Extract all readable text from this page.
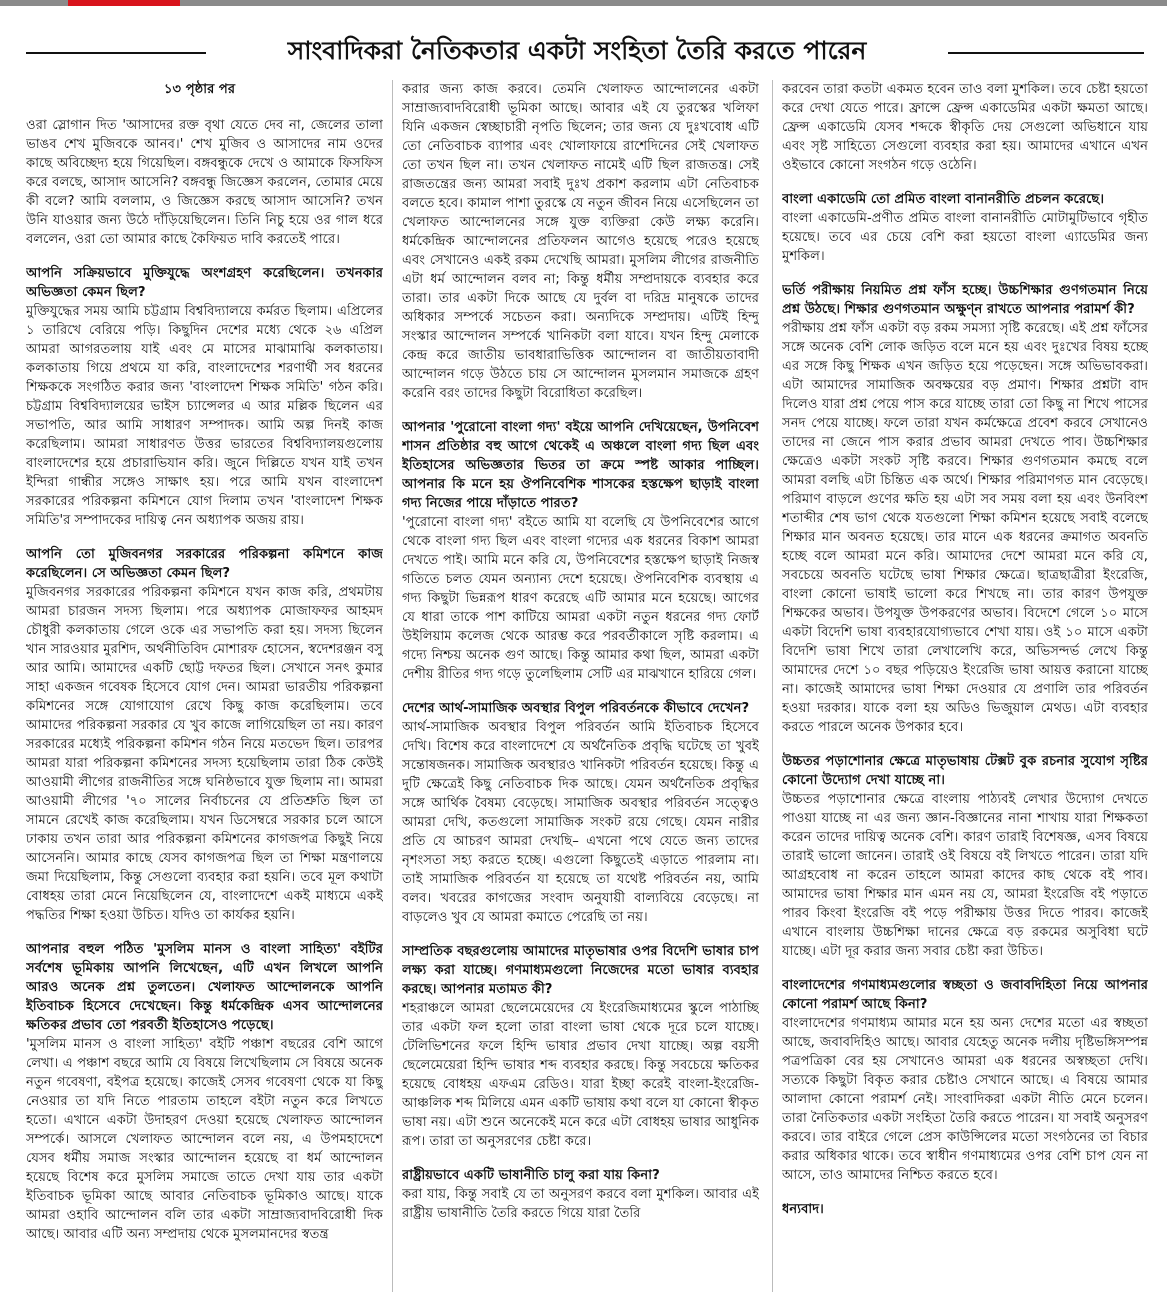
সাংবাদিকরা নৈতিকতার একটা সংহিতা তৈরি করতে পারেন

১৩ পৃষ্ঠার পর

ওরা স্লোগান দিত 'আসাদের রক্ত বৃথা যেতে দেব না, জেলের তালা ভাঙব শেখ মুজিবকে আনব।' শেখ মুজিব ও আসাদের নাম ওদের কাছে অবিচ্ছেদ্য হয়ে গিয়েছিল। বঙ্গবন্ধুকে দেখে ও আমাকে ফিসফিস করে বলছে, আসাদ আসেনি? বঙ্গবন্ধু জিজ্ঞেস করলেন, তোমার মেয়ে কী বলে? আমি বললাম, ও জিজ্ঞেস করছে আসাদ আসেনি? তখন উনি যাওয়ার জন্য উঠে দাঁড়িয়েছিলেন। তিনি নিচু হয়ে ওর গাল ধরে বললেন, ওরা তো আমার কাছে কৈফিয়ত দাবি করতেই পারে।

আপনি সক্রিয়ভাবে মুক্তিযুদ্ধে অংশগ্রহণ করেছিলেন। তখনকার অভিজ্ঞতা কেমন ছিল?

মুক্তিযুদ্ধের সময় আমি চট্টগ্রাম বিশ্ববিদ্যালয়ে কর্মরত ছিলাম। এপ্রিলের ১ তারিখে বেরিয়ে পড়ি। কিছুদিন দেশের মধ্যে থেকে ২৬ এপ্রিল আমরা আগরতলায় যাই এবং মে মাসের মাঝামাঝি কলকাতায়। কলকাতায় গিয়ে প্রথমে যা করি, বাংলাদেশের শরণার্থী সব ধরনের শিক্ষককে সংগঠিত করার জন্য 'বাংলাদেশ শিক্ষক সমিতি' গঠন করি। চট্টগ্রাম বিশ্ববিদ্যালয়ের ভাইস চ্যান্সেলর এ আর মল্লিক ছিলেন এর সভাপতি, আর আমি সাধারণ সম্পাদক। আমি অল্প দিনই কাজ করেছিলাম। আমরা সাধারণত উত্তর ভারতের বিশ্ববিদ্যালয়গুলোয় বাংলাদেশের হয়ে প্রচারাভিযান করি। জুনে দিল্লিতে যখন যাই তখন ইন্দিরা গান্ধীর সঙ্গেও সাক্ষাৎ হয়। পরে আমি যখন বাংলাদেশ সরকারের পরিকল্পনা কমিশনে যোগ দিলাম তখন 'বাংলাদেশ শিক্ষক সমিতি'র সম্পাদকের দায়িত্ব নেন অধ্যাপক অজয় রায়।

আপনি তো মুজিবনগর সরকারের পরিকল্পনা কমিশনে কাজ করেছিলেন। সে অভিজ্ঞতা কেমন ছিল?

মুজিবনগর সরকারের পরিকল্পনা কমিশনে যখন কাজ করি, প্রথমটায় আমরা চারজন সদস্য ছিলাম। পরে অধ্যাপক মোজাফফর আহমদ চৌধুরী কলকাতায় গেলে ওকে এর সভাপতি করা হয়। সদস্য ছিলেন খান সারওয়ার মুরশিদ, অর্থনীতিবিদ মোশারফ হোসেন, স্বদেশরঞ্জন বসু আর আমি। আমাদের একটি ছোট্ট দফতর ছিল। সেখানে সনৎ কুমার সাহা একজন গবেষক হিসেবে যোগ দেন। আমরা ভারতীয় পরিকল্পনা কমিশনের সঙ্গে যোগাযোগ রেখে কিছু কাজ করেছিলাম। তবে আমাদের পরিকল্পনা সরকার যে খুব কাজে লাগিয়েছিল তা নয়। কারণ সরকারের মধ্যেই পরিকল্পনা কমিশন গঠন নিয়ে মতভেদ ছিল। তারপর আমরা যারা পরিকল্পনা কমিশনের সদস্য হয়েছিলাম তারা ঠিক কেউই আওয়ামী লীগের রাজনীতির সঙ্গে ঘনিষ্ঠভাবে যুক্ত ছিলাম না। আমরা আওয়ামী লীগের '৭০ সালের নির্বাচনের যে প্রতিশ্রুতি ছিল তা সামনে রেখেই কাজ করেছিলাম। যখন ডিসেম্বরে সরকার চলে আসে ঢাকায় তখন তারা আর পরিকল্পনা কমিশনের কাগজপত্র কিছুই নিয়ে আসেননি। আমার কাছে যেসব কাগজপত্র ছিল তা শিক্ষা মন্ত্রণালয়ে জমা দিয়েছিলাম, কিন্তু সেগুলো ব্যবহার করা হয়নি। তবে মূল কথাটা বোধহয় তারা মেনে নিয়েছিলেন যে, বাংলাদেশে একই মাধ্যমে একই পদ্ধতির শিক্ষা হওয়া উচিত। যদিও তা কার্যকর হয়নি।

আপনার বহুল পঠিত 'মুসলিম মানস ও বাংলা সাহিত্য' বইটির সর্বশেষ ভূমিকায় আপনি লিখেছেন, এটি এখন লিখলে আপনি আরও অনেক প্রশ্ন তুলতেন। খেলাফত আন্দোলনকে আপনি ইতিবাচক হিসেবে দেখেছেন। কিন্তু ধর্মকেন্দ্রিক এসব আন্দোলনের ক্ষতিকর প্রভাব তো পরবর্তী ইতিহাসেও পড়েছে।

'মুসলিম মানস ও বাংলা সাহিত্য' বইটি পঞ্চাশ বছরের বেশি আগে লেখা। এ পঞ্চাশ বছরে আমি যে বিষয়ে লিখেছিলাম সে বিষয়ে অনেক নতুন গবেষণা, বইপত্র হয়েছে। কাজেই সেসব গবেষণা থেকে যা কিছু নেওয়ার তা যদি নিতে পারতাম তাহলে বইটা নতুন করে লিখতে হতো। এখানে একটা উদাহরণ দেওয়া হয়েছে খেলাফত আন্দোলন সম্পর্কে। আসলে খেলাফত আন্দোলন বলে নয়, এ উপমহাদেশে যেসব ধর্মীয় সমাজ সংস্কার আন্দোলন হয়েছে বা ধর্ম আন্দোলন হয়েছে বিশেষ করে মুসলিম সমাজে তাতে দেখা যায় তার একটা ইতিবাচক ভূমিকা আছে আবার নেতিবাচক ভূমিকাও আছে। যাকে আমরা ওহাবি আন্দোলন বলি তার একটা সাম্রাজ্যবাদবিরোধী দিক আছে। আবার এটি অন্য সম্প্রদায় থেকে মুসলমানদের স্বতন্ত্র

করার জন্য কাজ করবে। তেমনি খেলাফত আন্দোলনের একটা সাম্রাজ্যবাদবিরোধী ভূমিকা আছে। আবার এই যে তুরস্কের খলিফা যিনি একজন স্বেচ্ছাচারী নৃপতি ছিলেন; তার জন্য যে দুঃখবোধ এটি তো নেতিবাচক ব্যাপার এবং খোলাফায়ে রাশেদিনের সেই খেলাফত তো তখন ছিল না। তখন খেলাফত নামেই এটি ছিল রাজতন্ত্র। সেই রাজতন্ত্রের জন্য আমরা সবাই দুঃখ প্রকাশ করলাম এটা নেতিবাচক বলতে হবে। কামাল পাশা তুরস্কে যে নতুন জীবন নিয়ে এসেছিলেন তা খেলাফত আন্দোলনের সঙ্গে যুক্ত ব্যক্তিরা কেউ লক্ষ্য করেনি। ধর্মকেন্দ্রিক আন্দোলনের প্রতিফলন আগেও হয়েছে পরেও হয়েছে এবং সেখানেও একই রকম দেখেছি আমরা। মুসলিম লীগের রাজনীতি এটা ধর্ম আন্দোলন বলব না; কিন্তু ধর্মীয় সম্প্রদায়কে ব্যবহার করে তারা। তার একটা দিকে আছে যে দুর্বল বা দরিদ্র মানুষকে তাদের অধিকার সম্পর্কে সচেতন করা। অন্যদিকে সম্প্রদায়। এটিই হিন্দু সংস্কার আন্দোলন সম্পর্কে খানিকটা বলা যাবে। যখন হিন্দু মেলাকে কেন্দ্র করে জাতীয় ভাবধারাভিত্তিক আন্দোলন বা জাতীয়তাবাদী আন্দোলন গড়ে উঠতে চায় সে আন্দোলন মুসলমান সমাজকে গ্রহণ করেনি বরং তাদের কিছুটা বিরোধিতা করেছিল।

আপনার 'পুরোনো বাংলা গদ্য' বইয়ে আপনি দেখিয়েছেন, উপনিবেশ শাসন প্রতিষ্ঠার বহু আগে থেকেই এ অঞ্চলে বাংলা গদ্য ছিল এবং ইতিহাসের অভিজ্ঞতার ভিতর তা ক্রমে স্পষ্ট আকার পাচ্ছিল। আপনার কি মনে হয় ঔপনিবেশিক শাসকের হস্তক্ষেপ ছাড়াই বাংলা গদ্য নিজের পায়ে দাঁড়াতে পারত?

'পুরোনো বাংলা গদ্য' বইতে আমি যা বলেছি যে উপনিবেশের আগে থেকে বাংলা গদ্য ছিল এবং বাংলা গদ্যের এক ধরনের বিকাশ আমরা দেখতে পাই। আমি মনে করি যে, উপনিবেশের হস্তক্ষেপ ছাড়াই নিজস্ব গতিতে চলত যেমন অন্যান্য দেশে হয়েছে। ঔপনিবেশিক ব্যবস্থায় এ গদ্য কিছুটা ভিন্নরূপ ধারণ করেছে এটি আমার মনে হয়েছে। আগের যে ধারা তাকে পাশ কাটিয়ে আমরা একটা নতুন ধরনের গদ্য ফোর্ট উইলিয়াম কলেজ থেকে আরম্ভ করে পরবর্তীকালে সৃষ্টি করলাম। এ গদ্যে নিশ্চয় অনেক গুণ আছে। কিন্তু আমার কথা ছিল, আমরা একটা দেশীয় রীতির গদ্য গড়ে তুলেছিলাম সেটি এর মাঝখানে হারিয়ে গেল।

দেশের আর্থ-সামাজিক অবস্থার বিপুল পরিবর্তনকে কীভাবে দেখেন?

আর্থ-সামাজিক অবস্থার বিপুল পরিবর্তন আমি ইতিবাচক হিসেবে দেখি। বিশেষ করে বাংলাদেশে যে অর্থনৈতিক প্রবৃদ্ধি ঘটেছে তা খুবই সন্তোষজনক। সামাজিক অবস্থারও খানিকটা পরিবর্তন হয়েছে। কিন্তু এ দুটি ক্ষেত্রেই কিছু নেতিবাচক দিক আছে। যেমন অর্থনৈতিক প্রবৃদ্ধির সঙ্গে আর্থিক বৈষম্য বেড়েছে। সামাজিক অবস্থার পরিবর্তন সত্ত্বেও আমরা দেখি, কতগুলো সামাজিক সংকট রয়ে গেছে। যেমন নারীর প্রতি যে আচরণ আমরা দেখছি– এখনো পথে যেতে জন্য তাদের নৃশংসতা সহ্য করতে হচ্ছে। এগুলো কিছুতেই এড়াতে পারলাম না। তাই সামাজিক পরিবর্তন যা হয়েছে তা যথেষ্ট পরিবর্তন নয়, আমি বলব। খবরের কাগজের সংবাদ অনুযায়ী বাল্যবিয়ে বেড়েছে। না বাড়লেও খুব যে আমরা কমাতে পেরেছি তা নয়।

সাম্প্রতিক বছরগুলোয় আমাদের মাতৃভাষার ওপর বিদেশি ভাষার চাপ লক্ষ্য করা যাচ্ছে। গণমাধ্যমগুলো নিজেদের মতো ভাষার ব্যবহার করছে। আপনার মতামত কী?

শহরাঞ্চলে আমরা ছেলেমেয়েদের যে ইংরেজিমাধ্যমের স্কুলে পাঠাচ্ছি তার একটা ফল হলো তারা বাংলা ভাষা থেকে দূরে চলে যাচ্ছে। টেলিভিশনের ফলে হিন্দি ভাষার প্রভাব দেখা যাচ্ছে। অল্প বয়সী ছেলেমেয়েরা হিন্দি ভাষার শব্দ ব্যবহার করছে। কিন্তু সবচেয়ে ক্ষতিকর হয়েছে বোধহয় এফএম রেডিও। যারা ইচ্ছা করেই বাংলা-ইংরেজি-আঞ্চলিক শব্দ মিলিয়ে এমন একটি ভাষায় কথা বলে যা কোনো স্বীকৃত ভাষা নয়। এটা শুনে অনেকেই মনে করে এটা বোধহয় ভাষার আধুনিক রূপ। তারা তা অনুসরণের চেষ্টা করে।

রাষ্ট্রীয়ভাবে একটি ভাষানীতি চালু করা যায় কিনা?

করা যায়, কিন্তু সবাই যে তা অনুসরণ করবে বলা মুশকিল। আবার এই রাষ্ট্রীয় ভাষানীতি তৈরি করতে গিয়ে যারা তৈরি

করবেন তারা কতটা একমত হবেন তাও বলা মুশকিল। তবে চেষ্টা হয়তো করে দেখা যেতে পারে। ফ্রান্সে ফ্রেন্স একাডেমির একটা ক্ষমতা আছে। ফ্রেন্স একাডেমি যেসব শব্দকে স্বীকৃতি দেয় সেগুলো অভিধানে যায় এবং সৃষ্ট সাহিত্যে সেগুলো ব্যবহার করা হয়। আমাদের এখানে এখন ওইভাবে কোনো সংগঠন গড়ে ওঠেনি।

বাংলা একাডেমি তো প্রমিত বাংলা বানানরীতি প্রচলন করেছে।

বাংলা একাডেমি-প্রণীত প্রমিত বাংলা বানানরীতি মোটামুটিভাবে গৃহীত হয়েছে। তবে এর চেয়ে বেশি করা হয়তো বাংলা এ্যাডেমির জন্য মুশকিল।

ভর্তি পরীক্ষায় নিয়মিত প্রশ্ন ফাঁস হচ্ছে। উচ্চশিক্ষার গুণগতমান নিয়ে প্রশ্ন উঠছে। শিক্ষার গুণগতমান অক্ষুণ্ন রাখতে আপনার পরামর্শ কী?

পরীক্ষায় প্রশ্ন ফাঁস একটা বড় রকম সমস্যা সৃষ্টি করেছে। এই প্রশ্ন ফাঁসের সঙ্গে অনেক বেশি লোক জড়িত বলে মনে হয় এবং দুঃখের বিষয় হচ্ছে এর সঙ্গে কিছু শিক্ষক এখন জড়িত হয়ে পড়েছেন। সঙ্গে অভিভাবকরা। এটা আমাদের সামাজিক অবক্ষয়ের বড় প্রমাণ। শিক্ষার প্রশ্নটা বাদ দিলেও যারা প্রশ্ন পেয়ে পাস করে যাচ্ছে তারা তো কিছু না শিখে পাসের সনদ পেয়ে যাচ্ছে। ফলে তারা যখন কর্মক্ষেত্রে প্রবেশ করবে সেখানেও তাদের না জেনে পাস করার প্রভাব আমরা দেখতে পাব। উচ্চশিক্ষার ক্ষেত্রেও একটা সংকট সৃষ্টি করবে। শিক্ষার গুণগতমান কমছে বলে আমরা বলছি এটা চিন্তিত এক অর্থে। শিক্ষার পরিমাণগত মান বেড়েছে। পরিমাণ বাড়লে গুণের ক্ষতি হয় এটা সব সময় বলা হয় এবং উনবিংশ শতাব্দীর শেষ ভাগ থেকে যতগুলো শিক্ষা কমিশন হয়েছে সবাই বলেছে শিক্ষার মান অবনত হয়েছে। তার মানে এক ধরনের ক্রমাগত অবনতি হচ্ছে বলে আমরা মনে করি। আমাদের দেশে আমরা মনে করি যে, সবচেয়ে অবনতি ঘটেছে ভাষা শিক্ষার ক্ষেত্রে। ছাত্রছাত্রীরা ইংরেজি, বাংলা কোনো ভাষাই ভালো করে শিখছে না। তার কারণ উপযুক্ত শিক্ষকের অভাব। উপযুক্ত উপকরণের অভাব। বিদেশে গেলে ১০ মাসে একটা বিদেশি ভাষা ব্যবহারযোগ্যভাবে শেখা যায়। ওই ১০ মাসে একটা বিদেশি ভাষা শিখে তারা লেখালেখি করে, অভিসন্দর্ভ লেখে কিন্তু আমাদের দেশে ১০ বছর পড়িয়েও ইংরেজি ভাষা আয়ত্ত করানো যাচ্ছে না। কাজেই আমাদের ভাষা শিক্ষা দেওয়ার যে প্রণালি তার পরিবর্তন হওয়া দরকার। যাকে বলা হয় অডিও ভিজুয়াল মেথড। এটা ব্যবহার করতে পারলে অনেক উপকার হবে।

উচ্চতর পড়াশোনার ক্ষেত্রে মাতৃভাষায় টেক্সট বুক রচনার সুযোগ সৃষ্টির কোনো উদ্যোগ দেখা যাচ্ছে না।

উচ্চতর পড়াশোনার ক্ষেত্রে বাংলায় পাঠ্যবই লেখার উদ্যোগ দেখতে পাওয়া যাচ্ছে না এর জন্য জ্ঞান-বিজ্ঞানের নানা শাখায় যারা শিক্ষকতা করেন তাদের দায়িত্ব অনেক বেশি। কারণ তারাই বিশেষজ্ঞ, এসব বিষয়ে তারাই ভালো জানেন। তারাই ওই বিষয়ে বই লিখতে পারেন। তারা যদি আগ্রহবোধ না করেন তাহলে আমরা কাদের কাছ থেকে বই পাব। আমাদের ভাষা শিক্ষার মান এমন নয় যে, আমরা ইংরেজি বই পড়াতে পারব কিংবা ইংরেজি বই পড়ে পরীক্ষায় উত্তর দিতে পারব। কাজেই এখানে বাংলায় উচ্চশিক্ষা দানের ক্ষেত্রে বড় রকমের অসুবিধা ঘটে যাচ্ছে। এটা দূর করার জন্য সবার চেষ্টা করা উচিত।

বাংলাদেশের গণমাধ্যমগুলোর স্বচ্ছতা ও জবাবদিহিতা নিয়ে আপনার কোনো পরামর্শ আছে কিনা?

বাংলাদেশের গণমাধ্যম আমার মনে হয় অন্য দেশের মতো এর স্বচ্ছতা আছে, জবাবদিহিও আছে। আবার যেহেতু অনেক দলীয় দৃষ্টিভঙ্গিসম্পন্ন পত্রপত্রিকা বের হয় সেখানেও আমরা এক ধরনের অস্বচ্ছতা দেখি। সত্যকে কিছুটা বিকৃত করার চেষ্টাও সেখানে আছে। এ বিষয়ে আমার আলাদা কোনো পরামর্শ নেই। সাংবাদিকরা একটা নীতি মেনে চলেন। তারা নৈতিকতার একটা সংহিতা তৈরি করতে পারেন। যা সবাই অনুসরণ করবে। তার বাইরে গেলে প্রেস কাউন্সিলের মতো সংগঠনের তা বিচার করার অধিকার থাকে। তবে স্বাধীন গণমাধ্যমের ওপর বেশি চাপ যেন না আসে, তাও আমাদের নিশ্চিত করতে হবে।

ধন্যবাদ।
